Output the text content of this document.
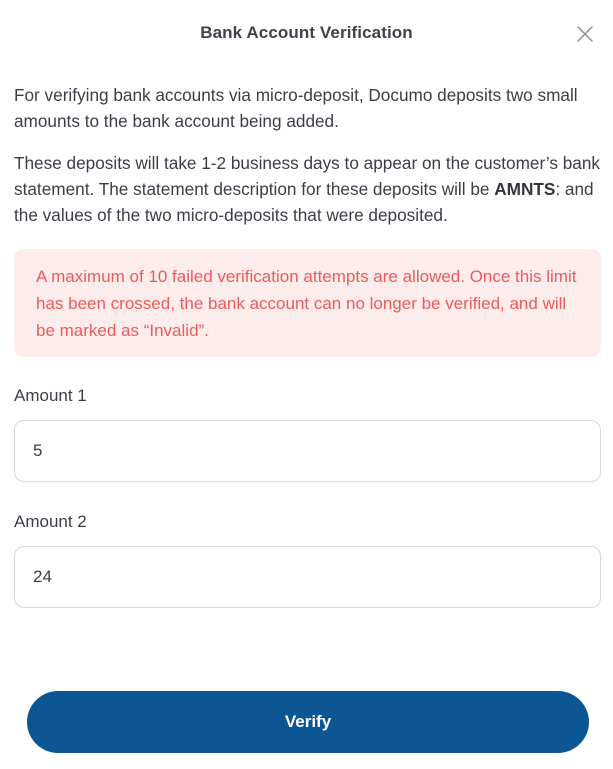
Bank Account Verification

For verifying bank accounts via micro-deposit, Documo deposits two small amounts to the bank account being added.

These deposits will take 1-2 business days to appear on the customer’s bank statement. The statement description for these deposits will be AMNTS: and the values of the two micro-deposits that were deposited.

A maximum of 10 failed verification attempts are allowed. Once this limit has been crossed, the bank account can no longer be verified, and will be marked as “Invalid”.
Amount 1
5
Amount 2
24
Verify
